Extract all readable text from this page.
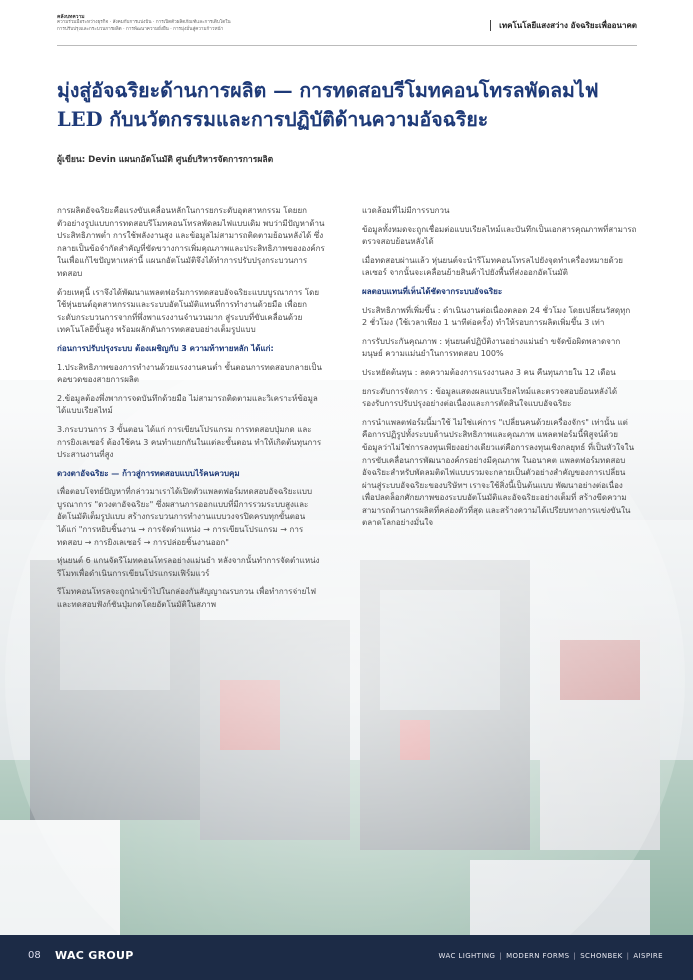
คลังบทความ
ความร่วมมือระหว่างธุรกิจ · สังคมกับการแบ่งปัน · การเปิดตัวผลิตภัณฑ์และการเติบโตใน
การปรับปรุงและกระบวนการผลิต · การพัฒนาความยั่งยืน · การมุ่งมั่นสู่ความก้าวหน้า	เทคโนโลยีแสงสว่าง อัจฉริยะเพื่ออนาคต
มุ่งสู่อัจฉริยะด้านการผลิต — การทดสอบรีโมทคอนโทรลพัดลมไฟ LED กับนวัตกรรมและการปฏิบัติด้านความอัจฉริยะ
ผู้เขียน: Devin แผนกอัตโนมัติ ศูนย์บริหารจัดการการผลิต

การผลิตอัจฉริยะคือแรงขับเคลื่อนหลักในการยกระดับอุตสาหกรรม โดยยกตัวอย่างรูปแบบการทดสอบรีโมทคอนโทรลพัดลมไฟแบบเดิม พบว่ามีปัญหาด้านประสิทธิภาพต่ำ การใช้พลังงานสูง และข้อมูลไม่สามารถติดตามย้อนหลังได้ ซึ่งกลายเป็นข้อจำกัดสำคัญที่ขัดขวางการเพิ่มคุณภาพและประสิทธิภาพขององค์กร ในเพื่อแก้ไขปัญหาเหล่านี้ แผนกอัตโนมัติจึงได้ทำการปรับปรุงกระบวนการทดสอบ

ด้วยเหตุนี้ เราจึงได้พัฒนาแพลตฟอร์มการทดสอบอัจฉริยะแบบบูรณาการ โดยใช้หุ่นยนต์อุตสาหกรรมและระบบอัตโนมัติแทนที่การทำงานด้วยมือ เพื่อยกระดับกระบวนการจากที่พึ่งพาแรงงานจำนวนมาก สู่ระบบที่ขับเคลื่อนด้วยเทคโนโลยีขั้นสูง พร้อมผลักดันการทดสอบอย่างเต็มรูปแบบ

ก่อนการปรับปรุงระบบ ต้องเผชิญกับ 3 ความท้าทายหลัก ได้แก่:

1.ประสิทธิภาพของการทำงานด้วยแรงงานคนต่ำ ขั้นตอนการทดสอบกลายเป็นคอขวดของสายการผลิต

2.ข้อมูลต้องพึ่งพาการจดบันทึกด้วยมือ ไม่สามารถติดตามและวิเคราะห์ข้อมูลได้แบบเรียลไทม์

3.กระบวนการ 3 ขั้นตอน ได้แก่ การเขียนโปรแกรม การทดสอบปุ่มกด และการยิงเลเซอร์ ต้องใช้คน 3 คนทำแยกกันในแต่ละขั้นตอน ทำให้เกิดต้นทุนการประสานงานที่สูง

ดวงตาอัจฉริยะ — ก้าวสู่การทดสอบแบบไร้คนควบคุม

เพื่อตอบโจทย์ปัญหาที่กล่าวมาเราได้เปิดตัวแพลตฟอร์มทดสอบอัจฉริยะแบบบูรณาการ "ดวงตาอัจฉริยะ" ซึ่งผสานการออกแบบที่มีการรวมระบบสูงและอัตโนมัติเต็มรูปแบบ สร้างกระบวนการทำงานแบบวงจรปิดครบทุกขั้นตอน ได้แก่ "การหยิบชิ้นงาน → การจัดตำแหน่ง → การเขียนโปรแกรม → การทดสอบ → การยิงเลเซอร์ → การปล่อยชิ้นงานออก"

หุ่นยนต์ 6 แกนจัดรีโมทคอนโทรลอย่างแม่นยำ หลังจากนั้นทำการจัดตำแหน่งรีโมทเพื่อดำเนินการเขียนโปรแกรมเฟิร์มแวร์

รีโมทคอนโทรลจะถูกนำเข้าไปในกล่องกันสัญญาณรบกวน เพื่อทำการจ่ายไฟและทดสอบฟังก์ชันปุ่มกดโดยอัตโนมัติในสภาพ

แวดล้อมที่ไม่มีการรบกวน

ข้อมูลทั้งหมดจะถูกเชื่อมต่อแบบเรียลไทม์และบันทึกเป็นเอกสารคุณภาพที่สามารถตรวจสอบย้อนหลังได้

เมื่อทดสอบผ่านแล้ว หุ่นยนต์จะนำรีโมทคอนโทรลไปยังจุดทำเครื่องหมายด้วยเลเซอร์ จากนั้นจะเคลื่อนย้ายสินค้าไปยังพื้นที่ส่งออกอัตโนมัติ

ผลตอบแทนที่เห็นได้ชัดจากระบบอัจฉริยะ

ประสิทธิภาพที่เพิ่มขึ้น : ดำเนินงานต่อเนื่องตลอด 24 ชั่วโมง โดยเปลี่ยนวัสดุทุก 2 ชั่วโมง (ใช้เวลาเพียง 1 นาทีต่อครั้ง) ทำให้รอบการผลิตเพิ่มขึ้น 3 เท่า

การรับประกันคุณภาพ : หุ่นยนต์ปฏิบัติงานอย่างแม่นยำ ขจัดข้อผิดพลาดจากมนุษย์ ความแม่นยำในการทดสอบ 100%

ประหยัดต้นทุน : ลดความต้องการแรงงานลง 3 คน คืนทุนภายใน 12 เดือน

ยกระดับการจัดการ : ข้อมูลแสดงผลแบบเรียลไทม์และตรวจสอบย้อนหลังได้ รองรับการปรับปรุงอย่างต่อเนื่องและการตัดสินใจแบบอัจฉริยะ

การนำแพลตฟอร์มนี้มาใช้ ไม่ใช่แค่การ "เปลี่ยนคนด้วยเครื่องจักร" เท่านั้น แต่คือการปฏิรูปทั้งระบบด้านประสิทธิภาพและคุณภาพ แพลตฟอร์มนี้พิสูจน์ด้วยข้อมูลว่าไม่ใช่การลงทุนเพียงอย่างเดียวแต่คือการลงทุนเชิงกลยุทธ์ ที่เป็นหัวใจในการขับเคลื่อนการพัฒนาองค์กรอย่างมีคุณภาพ ในอนาคต แพลตฟอร์มทดสอบอัจฉริยะสำหรับพัดลมติดไฟแบบรวมจะกลายเป็นตัวอย่างสำคัญของการเปลี่ยนผ่านสู่ระบบอัจฉริยะของบริษัทฯ เราจะใช้สิ่งนี้เป็นต้นแบบ พัฒนาอย่างต่อเนื่อง เพื่อปลดล็อกศักยภาพของระบบอัตโนมัติและอัจฉริยะอย่างเต็มที่ สร้างขีดความสามารถด้านการผลิตที่คล่องตัวที่สุด และสร้างความได้เปรียบทางการแข่งขันในตลาดโลกอย่างมั่นใจ

08 WAC GROUP	WAC LIGHTING | MODERN FORMS | SCHONBEK | AISPIRE
